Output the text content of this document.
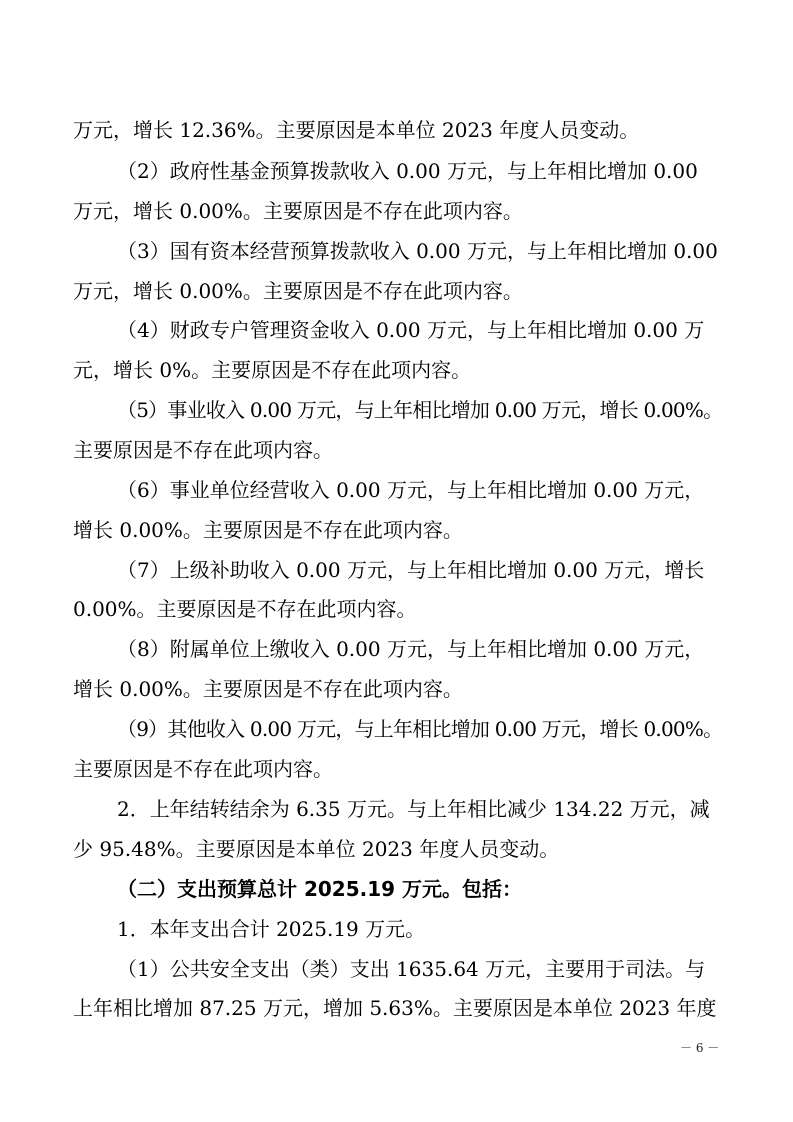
万元，增长 12.36%。主要原因是本单位 2023 年度人员变动。
（2）政府性基金预算拨款收入 0.00 万元，与上年相比增加 0.00
万元，增长 0.00%。主要原因是不存在此项内容。
（3）国有资本经营预算拨款收入 0.00 万元，与上年相比增加 0.00
万元，增长 0.00%。主要原因是不存在此项内容。
（4）财政专户管理资金收入 0.00 万元，与上年相比增加 0.00 万
元，增长 0%。主要原因是不存在此项内容。
（5）事业收入 0.00 万元，与上年相比增加 0.00 万元，增长 0.00%。
主要原因是不存在此项内容。
（6）事业单位经营收入 0.00 万元，与上年相比增加 0.00 万元，
增长 0.00%。主要原因是不存在此项内容。
（7）上级补助收入 0.00 万元，与上年相比增加 0.00 万元，增长
0.00%。主要原因是不存在此项内容。
（8）附属单位上缴收入 0.00 万元，与上年相比增加 0.00 万元，
增长 0.00%。主要原因是不存在此项内容。
（9）其他收入 0.00 万元，与上年相比增加 0.00 万元，增长 0.00%。
主要原因是不存在此项内容。
2．上年结转结余为 6.35 万元。与上年相比减少 134.22 万元，减
少 95.48%。主要原因是本单位 2023 年度人员变动。
（二）支出预算总计 2025.19 万元。包括：
1．本年支出合计 2025.19 万元。
（1）公共安全支出（类）支出 1635.64 万元，主要用于司法。与
上年相比增加 87.25 万元，增加 5.63%。主要原因是本单位 2023 年度
－ 6 －
